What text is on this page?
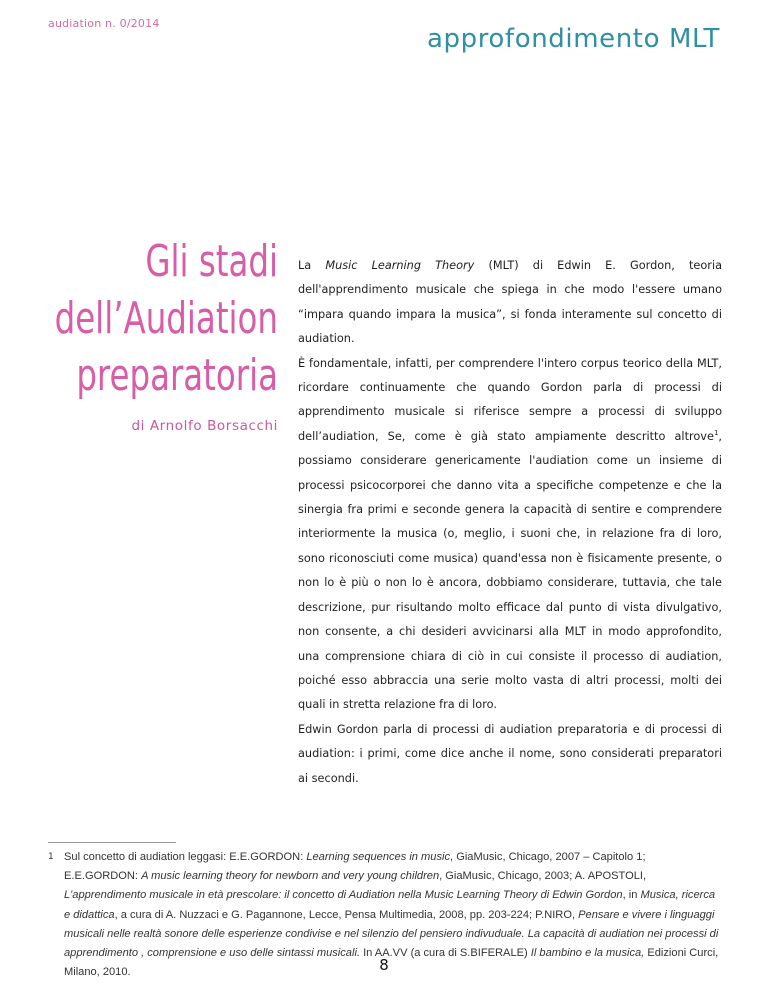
audiation n. 0/2014
approfondimento MLT
Gli stadi
dell’Audiation
preparatoria
di Arnolfo Borsacchi

La Music Learning Theory (MLT) di Edwin E. Gordon, teoria dell'apprendimento musicale che spiega in che modo l'essere umano “impara quando impara la musica”, si fonda interamente sul concetto di audiation.

È fondamentale, infatti, per comprendere l'intero corpus teorico della MLT, ricordare continuamente che quando Gordon parla di processi di apprendimento musicale si riferisce sempre a processi di sviluppo dell’audiation, Se, come è già stato ampiamente descritto altrove$^1$, possiamo considerare genericamente l'audiation come un insieme di processi psicocorporei che danno vita a specifiche competenze e che la sinergia fra primi e seconde genera la capacità di sentire e comprendere interiormente la musica (o, meglio, i suoni che, in relazione fra di loro, sono riconosciuti come musica) quand'essa non è fisicamente presente, o non lo è più o non lo è ancora, dobbiamo considerare, tuttavia, che tale descrizione, pur risultando molto efficace dal punto di vista divulgativo, non consente, a chi desideri avvicinarsi alla MLT in modo approfondito, una comprensione chiara di ciò in cui consiste il processo di audiation, poiché esso abbraccia una serie molto vasta di altri processi, molti dei quali in stretta relazione fra di loro.

Edwin Gordon parla di processi di audiation preparatoria e di processi di audiation: i primi, come dice anche il nome, sono considerati preparatori ai secondi.

1 Sul concetto di audiation leggasi: E.E.GORDON: Learning sequences in music, GiaMusic, Chicago, 2007 – Capitolo 1; E.E.GORDON: A music learning theory for newborn and very young children, GiaMusic, Chicago, 2003; A. APOSTOLI, L'apprendimento musicale in età prescolare: il concetto di Audiation nella Music Learning Theory di Edwin Gordon, in Musica, ricerca e didattica, a cura di A. Nuzzaci e G. Pagannone, Lecce, Pensa Multimedia, 2008, pp. 203-224; P.NIRO, Pensare e vivere i linguaggi musicali nelle realtà sonore delle esperienze condivise e nel silenzio del pensiero indivuduale. La capacità di audiation nei processi di apprendimento , comprensione e uso delle sintassi musicali. In AA.VV (a cura di S.BIFERALE) Il bambino e la musica, Edizioni Curci, Milano, 2010.	8
